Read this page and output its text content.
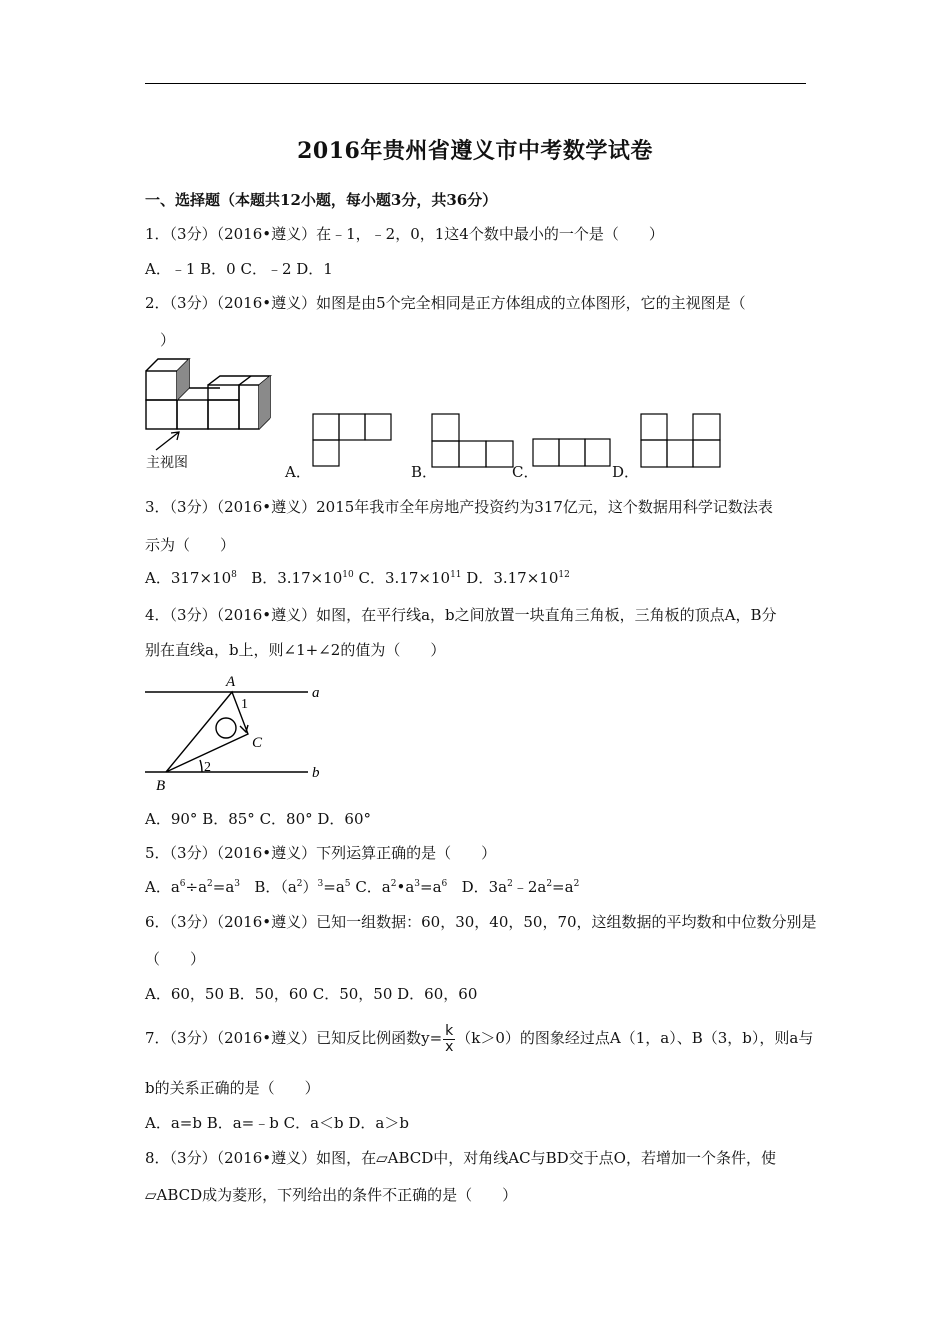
2016年贵州省遵义市中考数学试卷
一、选择题（本题共12小题，每小题3分，共36分）
1．（3分）（2016•遵义）在﹣1，﹣2，0，1这4个数中最小的一个是（　　）
A．﹣1 B．0 C．﹣2 D．1
2．（3分）（2016•遵义）如图是由5个完全相同是正方体组成的立体图形，它的主视图是（
）
主视图	A．	B．	C．	D．
3．（3分）（2016•遵义）2015年我市全年房地产投资约为317亿元，这个数据用科学记数法表
示为（　　）
A．$317\times 10^8$ B．$3.17\times 10^{10}$ C．$3.17\times 10^{11}$ D．$3.17\times 10^{12}$
4．（3分）（2016•遵义）如图，在平行线a，b之间放置一块直角三角板，三角板的顶点A，B分
别在直线a，b上，则∠1+∠2的值为（　　）
A
B
C
a
b
1
2
A．90° B．85° C．80° D．60°
5．（3分）（2016•遵义）下列运算正确的是（　　）
A．$a^6\div a^2=a^3$ B．$(a^2)^3=a^5$ C．$a^2•a^3=a^6$ D．$3a^2﹣2a^2=a^2$
6．（3分）（2016•遵义）已知一组数据：60，30，40，50，70，这组数据的平均数和中位数分别是
（　　）
A．60，50 B．50，60 C．50，50 D．60，60
7．（3分）（2016•遵义）已知反比例函数$y= \frac{k}{x} (k>0)$的图象经过点A（1，a）、B（3，b），则a与
b的关系正确的是（　　）
A．a=b B．a=﹣b C．a＜b D．a＞b
8．（3分）（2016•遵义）如图，在▱ABCD中，对角线AC与BD交于点O，若增加一个条件，使
▱ABCD成为菱形，下列给出的条件不正确的是（　　）
